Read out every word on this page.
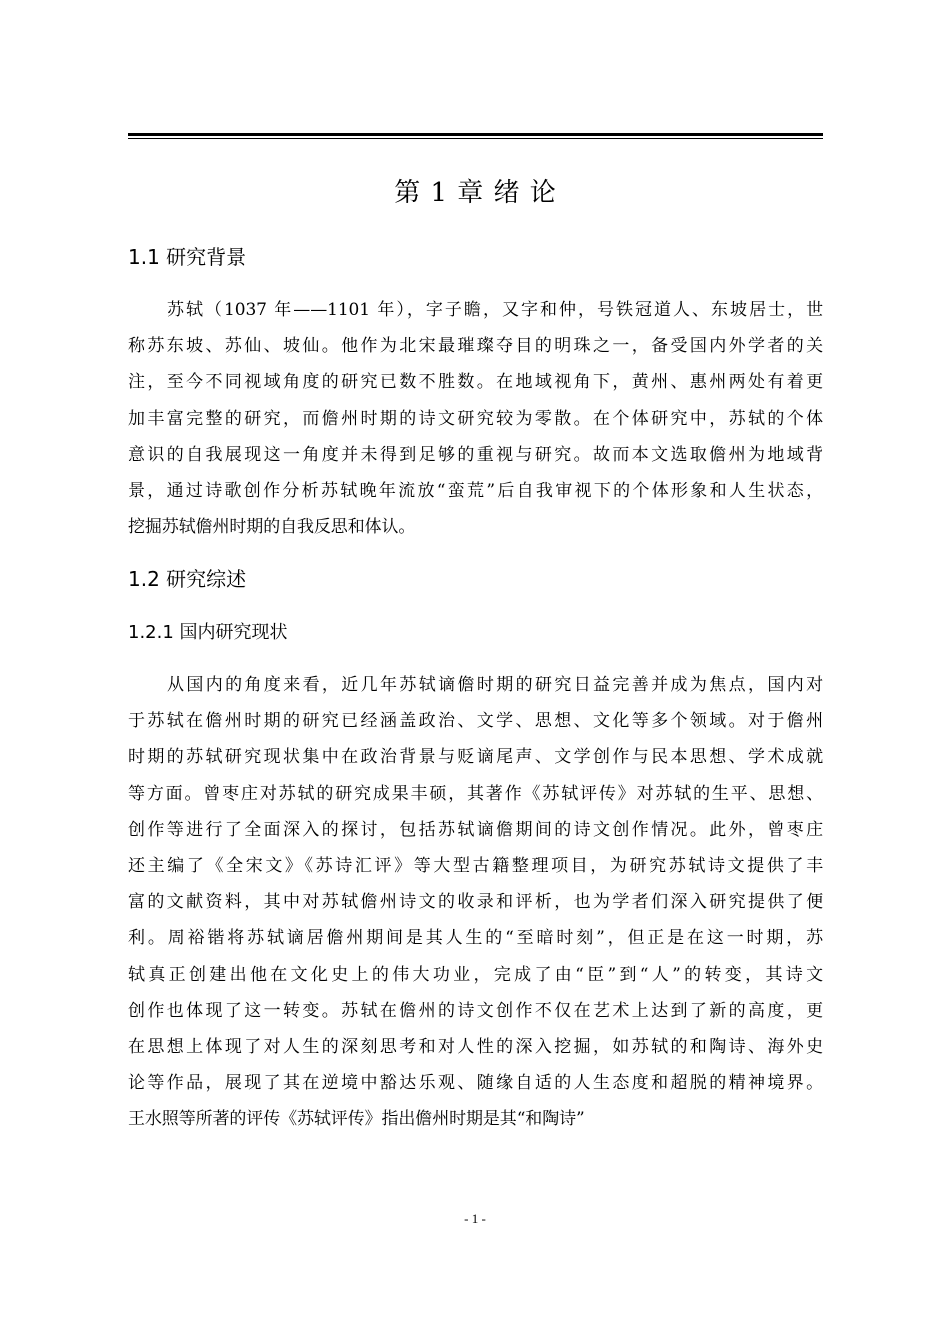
第 1 章 绪 论
1.1 研究背景
苏轼（1037 年——1101 年），字子瞻，又字和仲，号铁冠道人、东坡居士，世
称苏东坡、苏仙、坡仙。他作为北宋最璀璨夺目的明珠之一，备受国内外学者的关
注，至今不同视域角度的研究已数不胜数。在地域视角下，黄州、惠州两处有着更
加丰富完整的研究，而儋州时期的诗文研究较为零散。在个体研究中，苏轼的个体
意识的自我展现这一角度并未得到足够的重视与研究。故而本文选取儋州为地域背
景，通过诗歌创作分析苏轼晚年流放“蛮荒”后自我审视下的个体形象和人生状态，
挖掘苏轼儋州时期的自我反思和体认。
1.2 研究综述
1.2.1 国内研究现状
从国内的角度来看，近几年苏轼谪儋时期的研究日益完善并成为焦点，国内对
于苏轼在儋州时期的研究已经涵盖政治、文学、思想、文化等多个领域。对于儋州
时期的苏轼研究现状集中在政治背景与贬谪尾声、文学创作与民本思想、学术成就
等方面。曾枣庄对苏轼的研究成果丰硕，其著作《苏轼评传》对苏轼的生平、思想、
创作等进行了全面深入的探讨，包括苏轼谪儋期间的诗文创作情况。此外，曾枣庄
还主编了《全宋文》《苏诗汇评》等大型古籍整理项目，为研究苏轼诗文提供了丰
富的文献资料，其中对苏轼儋州诗文的收录和评析，也为学者们深入研究提供了便
利。周裕锴将苏轼谪居儋州期间是其人生的“至暗时刻”，但正是在这一时期，苏
轼真正创建出他在文化史上的伟大功业，完成了由“臣”到“人”的转变，其诗文
创作也体现了这一转变。苏轼在儋州的诗文创作不仅在艺术上达到了新的高度，更
在思想上体现了对人生的深刻思考和对人性的深入挖掘，如苏轼的和陶诗、海外史
论等作品，展现了其在逆境中豁达乐观、随缘自适的人生态度和超脱的精神境界。
王水照等所著的评传《苏轼评传》指出儋州时期是其“和陶诗”
- 1 -
